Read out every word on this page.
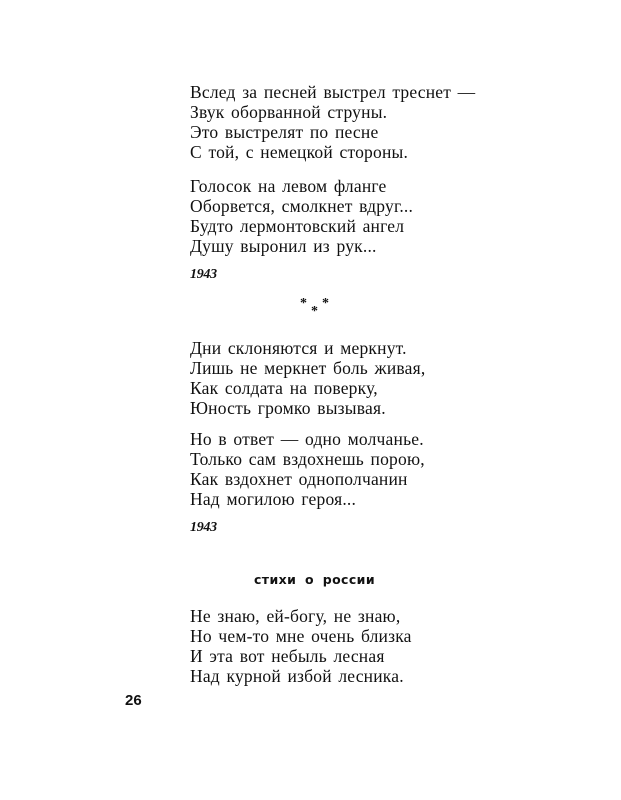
Вслед за песней выстрел треснет —
Звук оборванной струны.
Это выстрелят по песне
С той, с немецкой стороны.
Голосок на левом фланге
Оборвется, смолкнет вдруг...
Будто лермонтовский ангел
Душу выронил из рук...
1943
*
*
*
Дни склоняются и меркнут.
Лишь не меркнет боль живая,
Как солдата на поверку,
Юность громко вызывая.
Но в ответ — одно молчанье.
Только сам вздохнешь порою,
Как вздохнет однополчанин
Над могилою героя...
1943
стихи о россии
Не знаю, ей-богу, не знаю,
Но чем-то мне очень близка
И эта вот небыль лесная
Над курной избой лесника.
26
